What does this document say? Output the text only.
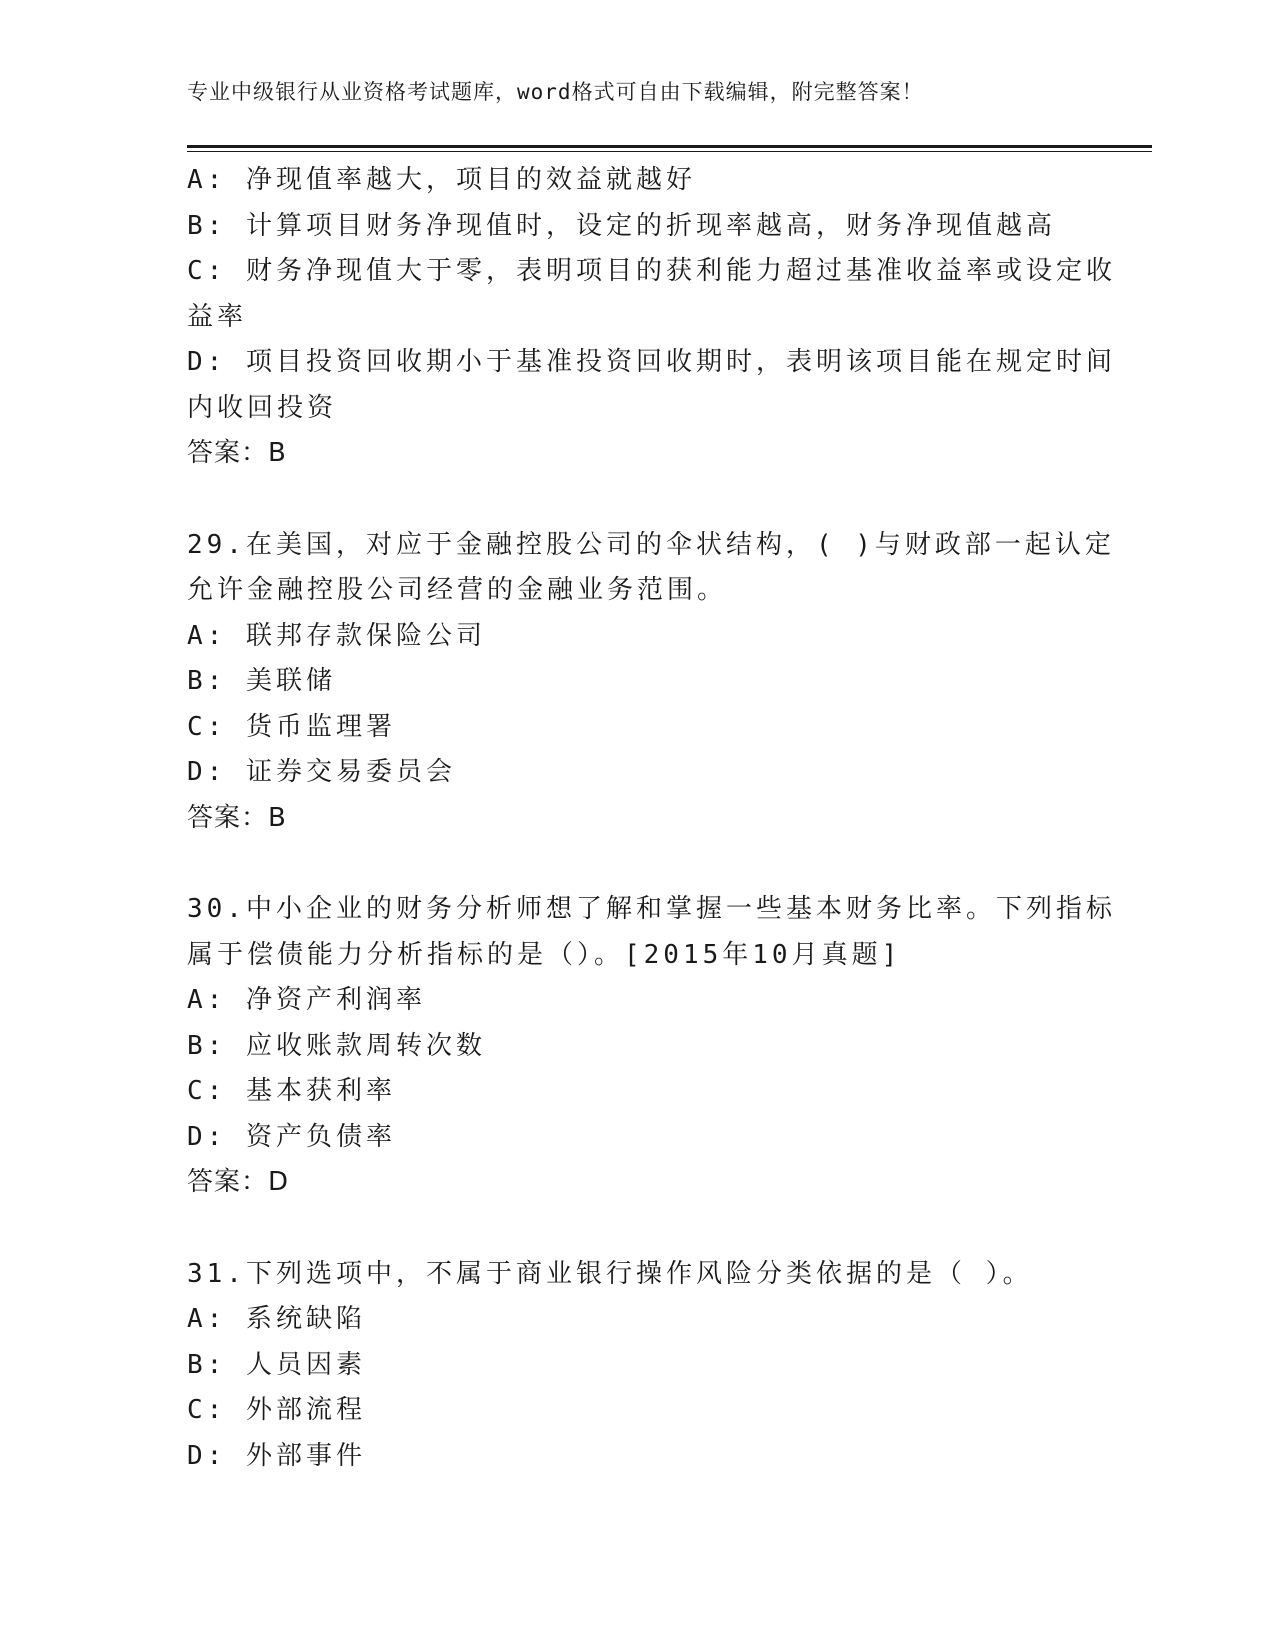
专业中级银行从业资格考试题库，word格式可自由下载编辑，附完整答案！
A: 净现值率越大，项目的效益就越好
B: 计算项目财务净现值时，设定的折现率越高，财务净现值越高
C: 财务净现值大于零，表明项目的获利能力超过基准收益率或设定收
益率
D: 项目投资回收期小于基准投资回收期时，表明该项目能在规定时间
内收回投资
答案：B
29.在美国，对应于金融控股公司的伞状结构，( )与财政部一起认定
允许金融控股公司经营的金融业务范围。
A: 联邦存款保险公司
B: 美联储
C: 货币监理署
D: 证券交易委员会
答案：B
30.中小企业的财务分析师想了解和掌握一些基本财务比率。下列指标
属于偿债能力分析指标的是（）。[2015年10月真题]
A: 净资产利润率
B: 应收账款周转次数
C: 基本获利率
D: 资产负债率
答案：D
31.下列选项中，不属于商业银行操作风险分类依据的是（ ）。
A: 系统缺陷
B: 人员因素
C: 外部流程
D: 外部事件
